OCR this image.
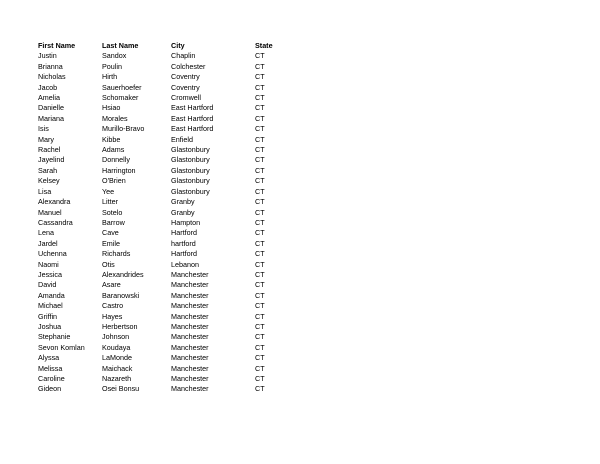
First Name	Last Name	City	State
Justin	Sandox	Chaplin	CT
Brianna	Poulin	Colchester	CT
Nicholas	Hirth	Coventry	CT
Jacob	Sauerhoefer	Coventry	CT
Amelia	Schomaker	Cromwell	CT
Danielle	Hsiao	East Hartford	CT
Mariana	Morales	East Hartford	CT
Isis	Murillo-Bravo	East Hartford	CT
Mary	Kibbe	Enfield	CT
Rachel	Adams	Glastonbury	CT
Jayelind	Donnelly	Glastonbury	CT
Sarah	Harrington	Glastonbury	CT
Kelsey	O'Brien	Glastonbury	CT
Lisa	Yee	Glastonbury	CT
Alexandra	Litter	Granby	CT
Manuel	Sotelo	Granby	CT
Cassandra	Barrow	Hampton	CT
Lena	Cave	Hartford	CT
Jardel	Emile	hartford	CT
Uchenna	Richards	Hartford	CT
Naomi	Otis	Lebanon	CT
Jessica	Alexandrides	Manchester	CT
David	Asare	Manchester	CT
Amanda	Baranowski	Manchester	CT
Michael	Castro	Manchester	CT
Griffin	Hayes	Manchester	CT
Joshua	Herbertson	Manchester	CT
Stephanie	Johnson	Manchester	CT
Sevon Komlan	Koudaya	Manchester	CT
Alyssa	LaMonde	Manchester	CT
Melissa	Maichack	Manchester	CT
Caroline	Nazareth	Manchester	CT
Gideon	Osei Bonsu	Manchester	CT
